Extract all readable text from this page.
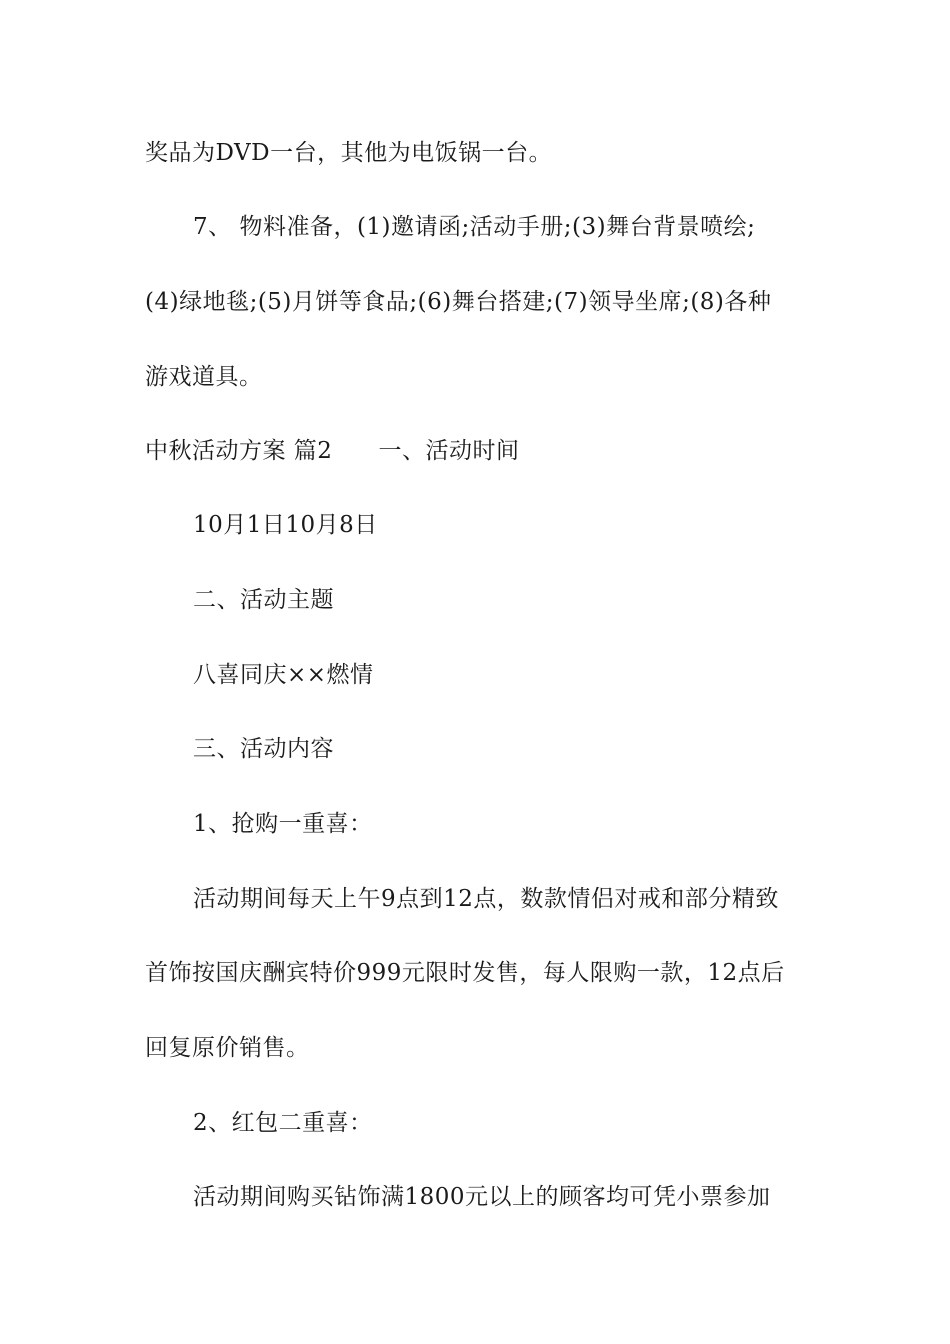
奖品为DVD一台，其他为电饭锅一台。
7、 物料准备，(1)邀请函;活动手册;(3)舞台背景喷绘;
(4)绿地毯;(5)月饼等食品;(6)舞台搭建;(7)领导坐席;(8)各种
游戏道具。
中秋活动方案 篇2 一、活动时间
10月1日10月8日
二、活动主题
八喜同庆××燃情
三、活动内容
1、抢购一重喜：
活动期间每天上午9点到12点，数款情侣对戒和部分精致
首饰按国庆酬宾特价999元限时发售，每人限购一款，12点后
回复原价销售。
2、红包二重喜：
活动期间购买钻饰满1800元以上的顾客均可凭小票参加
